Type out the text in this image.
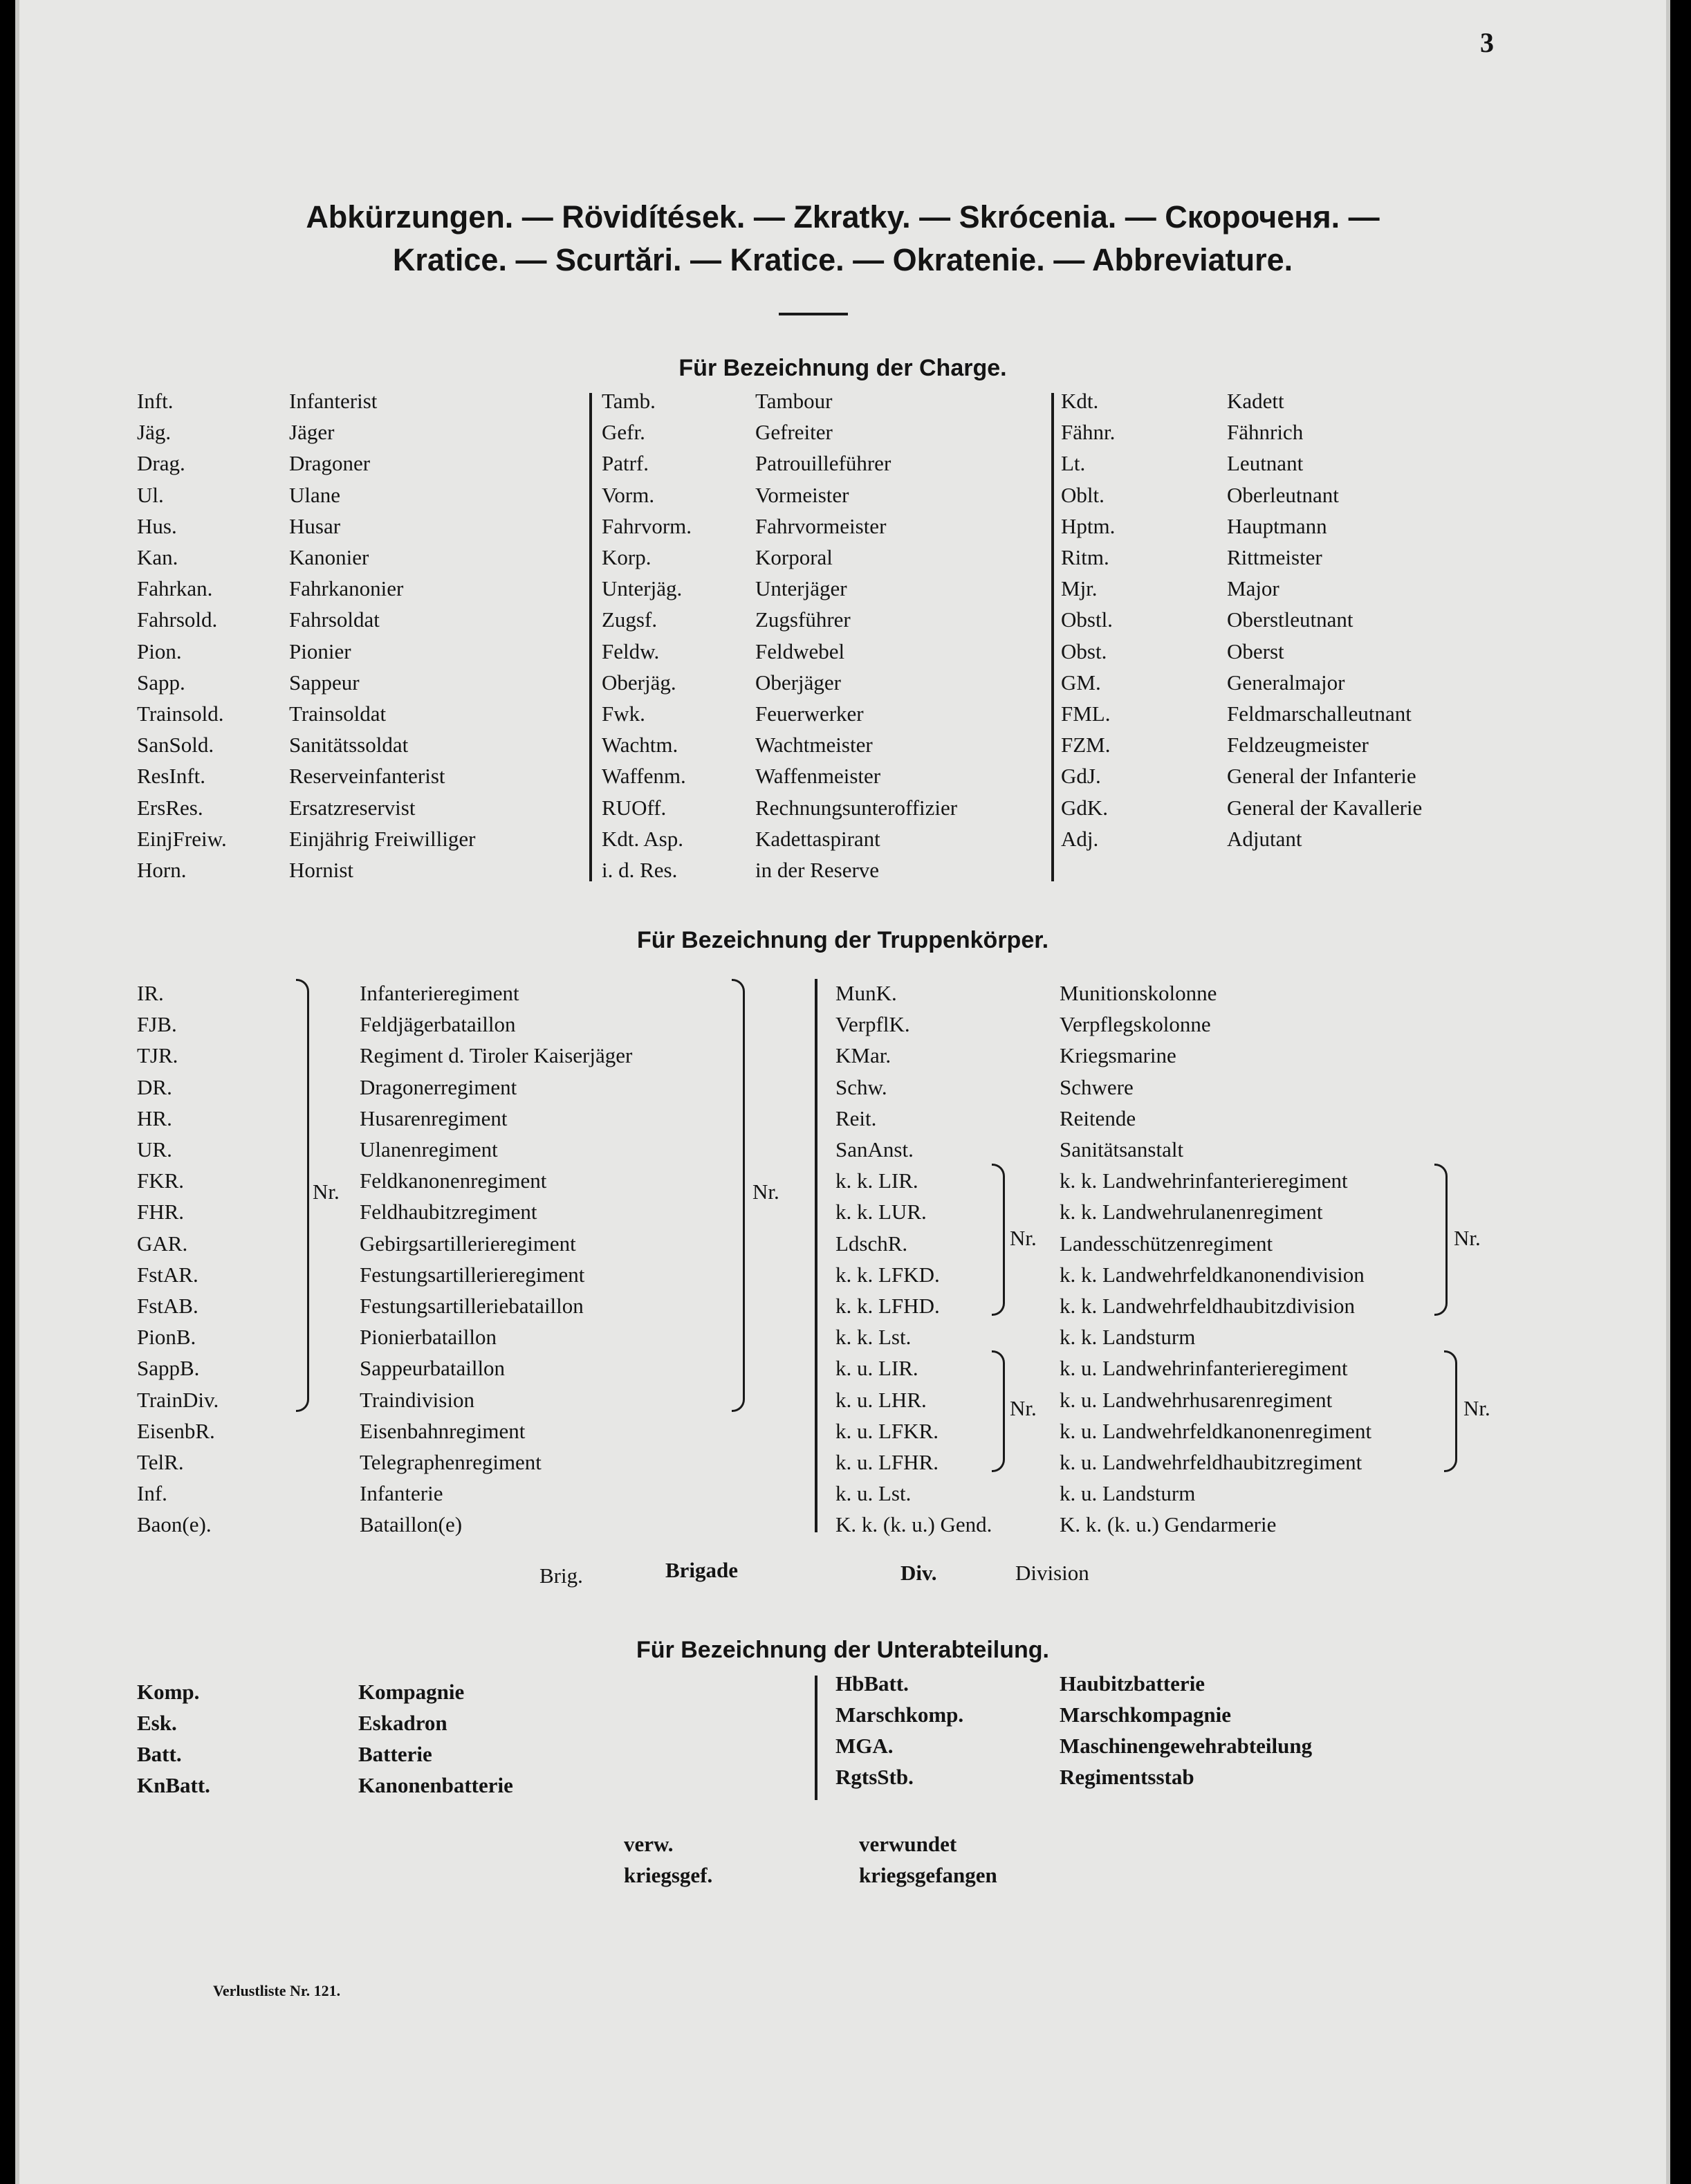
3
Abkürzungen. — Rövidítések. — Zkratky. — Skrócenia. — Скороченя. —
Kratice. — Scurtări. — Kratice. — Okratenie. — Abbreviature.
Für Bezeichnung der Charge.
Inft.	Infanterist
Jäg.	Jäger
Drag.	Dragoner
Ul.	Ulane
Hus.	Husar
Kan.	Kanonier
Fahrkan.	Fahrkanonier
Fahrsold.	Fahrsoldat
Pion.	Pionier
Sapp.	Sappeur
Trainsold.	Trainsoldat
SanSold.	Sanitätssoldat
ResInft.	Reserveinfanterist
ErsRes.	Ersatzreservist
EinjFreiw.	Einjährig Freiwilliger
Horn.	Hornist
Tamb.	Tambour
Gefr.	Gefreiter
Patrf.	Patrouilleführer
Vorm.	Vormeister
Fahrvorm.	Fahrvormeister
Korp.	Korporal
Unterjäg.	Unterjäger
Zugsf.	Zugsführer
Feldw.	Feldwebel
Oberjäg.	Oberjäger
Fwk.	Feuerwerker
Wachtm.	Wachtmeister
Waffenm.	Waffenmeister
RUOff.	Rechnungsunteroffizier
Kdt. Asp.	Kadettaspirant
i. d. Res.	in der Reserve
Kdt.	Kadett
Fähnr.	Fähnrich
Lt.	Leutnant
Oblt.	Oberleutnant
Hptm.	Hauptmann
Ritm.	Rittmeister
Mjr.	Major
Obstl.	Oberstleutnant
Obst.	Oberst
GM.	Generalmajor
FML.	Feldmarschalleutnant
FZM.	Feldzeugmeister
GdJ.	General der Infanterie
GdK.	General der Kavallerie
Adj.	Adjutant
Für Bezeichnung der Truppenkörper.
IR.	Infanterieregiment
FJB.	Feldjägerbataillon
TJR.	Regiment d. Tiroler Kaiserjäger
DR.	Dragonerregiment
HR.	Husarenregiment
UR.	Ulanenregiment
FKR.	Feldkanonenregiment
FHR.	Feldhaubitzregiment
GAR.	Gebirgsartillerieregiment
FstAR.	Festungsartillerieregiment
FstAB.	Festungsartilleriebataillon
PionB.	Pionierbataillon
SappB.	Sappeurbataillon
TrainDiv.	Traindivision
EisenbR.	Eisenbahnregiment
TelR.	Telegraphenregiment
Inf.	Infanterie
Baon(e).	Bataillon(e)
MunK.	Munitionskolonne
VerpflK.	Verpflegskolonne
KMar.	Kriegsmarine
Schw.	Schwere
Reit.	Reitende
SanAnst.	Sanitätsanstalt
k. k. LIR.	k. k. Landwehrinfanterieregiment
k. k. LUR.	k. k. Landwehrulanenregiment
LdschR.	Landesschützenregiment
k. k. LFKD.	k. k. Landwehrfeldkanonendivision
k. k. LFHD.	k. k. Landwehrfeldhaubitzdivision
k. k. Lst.	k. k. Landsturm
k. u. LIR.	k. u. Landwehrinfanterieregiment
k. u. LHR.	k. u. Landwehrhusarenregiment
k. u. LFKR.	k. u. Landwehrfeldkanonenregiment
k. u. LFHR.	k. u. Landwehrfeldhaubitzregiment
k. u. Lst.	k. u. Landsturm
K. k. (k. u.) Gend.	K. k. (k. u.) Gendarmerie
Nr.	Nr.
Nr.	Nr.
Nr.	Nr.
Brig.	Brigade	Div.	Division
Für Bezeichnung der Unterabteilung.
Komp.	Kompagnie
Esk.	Eskadron
Batt.	Batterie
KnBatt.	Kanonenbatterie
HbBatt.	Haubitzbatterie
Marschkomp.	Marschkompagnie
MGA.	Maschinengewehrabteilung
RgtsStb.	Regimentsstab
verw.	verwundet
kriegsgef.	kriegsgefangen
Verlustliste Nr. 121.
